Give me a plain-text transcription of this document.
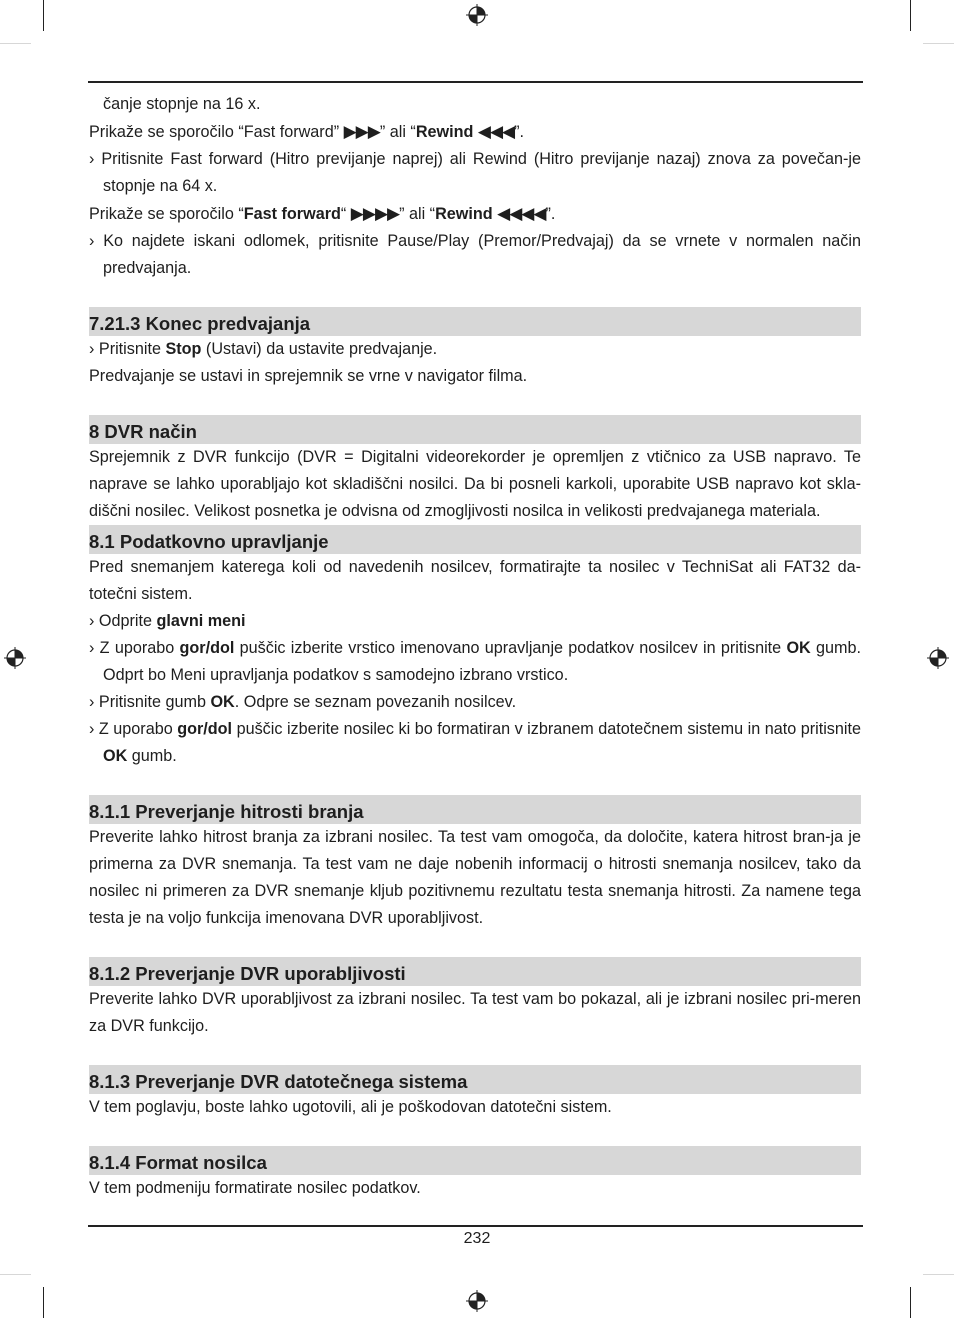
čanje stopnje na 16 x.

Prikaže se sporočilo “Fast forward” ▶▶▶” ali “Rewind ◀◀◀”.

› Pritisnite Fast forward (Hitro previjanje naprej) ali Rewind (Hitro previjanje nazaj) znova za povečan-je stopnje na 64 x.

Prikaže se sporočilo “Fast forward“ ▶▶▶▶” ali “Rewind ◀◀◀◀”.

› Ko najdete iskani odlomek, pritisnite Pause/Play (Premor/Predvajaj) da se vrnete v normalen način predvajanja.

7.21.3 Konec predvajanja

› Pritisnite Stop (Ustavi) da ustavite predvajanje.

Predvajanje se ustavi in sprejemnik se vrne v navigator filma.

8 DVR način

Sprejemnik z DVR funkcijo (DVR = Digitalni videorekorder je opremljen z vtičnico za USB napravo. Te naprave se lahko uporabljajo kot skladiščni nosilci. Da bi posneli karkoli, uporabite USB napravo kot skla-diščni nosilec. Velikost posnetka je odvisna od zmogljivosti nosilca in velikosti predvajanega materiala.

8.1 Podatkovno upravljanje

Pred snemanjem katerega koli od navedenih nosilcev, formatirajte ta nosilec v TechniSat ali FAT32 da-totečni sistem.

› Odprite glavni meni

› Z uporabo gor/dol puščic izberite vrstico imenovano upravljanje podatkov nosilcev in pritisnite OK gumb. Odprt bo Meni upravljanja podatkov s samodejno izbrano vrstico.

› Pritisnite gumb OK. Odpre se seznam povezanih nosilcev.

› Z uporabo gor/dol puščic izberite nosilec ki bo formatiran v izbranem datotečnem sistemu in nato pritisnite OK gumb.

8.1.1 Preverjanje hitrosti branja

Preverite lahko hitrost branja za izbrani nosilec. Ta test vam omogoča, da določite, katera hitrost bran-ja je primerna za DVR snemanja. Ta test vam ne daje nobenih informacij o hitrosti snemanja nosilcev, tako da nosilec ni primeren za DVR snemanje kljub pozitivnemu rezultatu testa snemanja hitrosti. Za namene tega testa je na voljo funkcija imenovana DVR uporabljivost.

8.1.2 Preverjanje DVR uporabljivosti

Preverite lahko DVR uporabljivost za izbrani nosilec. Ta test vam bo pokazal, ali je izbrani nosilec pri-meren za DVR funkcijo.

8.1.3 Preverjanje DVR datotečnega sistema

V tem poglavju, boste lahko ugotovili, ali je poškodovan datotečni sistem.

8.1.4 Format nosilca

V tem podmeniju formatirate nosilec podatkov.

232
